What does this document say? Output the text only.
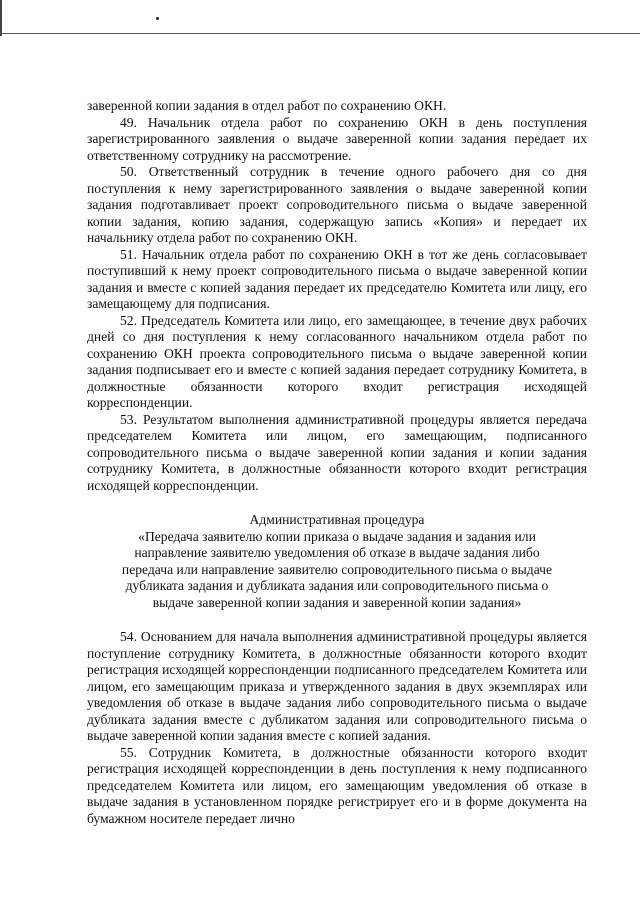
заверенной копии задания в отдел работ по сохранению ОКН.

49. Начальник отдела работ по сохранению ОКН в день поступления зарегистрированного заявления о выдаче заверенной копии задания передает их ответственному сотруднику на рассмотрение.

50. Ответственный сотрудник в течение одного рабочего дня со дня поступления к нему зарегистрированного заявления о выдаче заверенной копии задания подготавливает проект сопроводительного письма о выдаче заверенной копии задания, копию задания, содержащую запись «Копия» и передает их начальнику отдела работ по сохранению ОКН.

51. Начальник отдела работ по сохранению ОКН в тот же день согласовывает поступивший к нему проект сопроводительного письма о выдаче заверенной копии задания и вместе с копией задания передает их председателю Комитета или лицу, его замещающему для подписания.

52. Председатель Комитета или лицо, его замещающее, в течение двух рабочих дней со дня поступления к нему согласованного начальником отдела работ по сохранению ОКН проекта сопроводительного письма о выдаче заверенной копии задания подписывает его и вместе с копией задания передает сотруднику Комитета, в должностные обязанности которого входит регистрация исходящей корреспонденции.

53. Результатом выполнения административной процедуры является передача председателем Комитета или лицом, его замещающим, подписанного сопроводительного письма о выдаче заверенной копии задания и копии задания сотруднику Комитета, в должностные обязанности которого входит регистрация исходящей корреспонденции.

Административная процедура

«Передача заявителю копии приказа о выдаче задания и задания или
направление заявителю уведомления об отказе в выдаче задания либо
передача или направление заявителю сопроводительного письма о выдаче
дубликата задания и дубликата задания или сопроводительного письма о
выдаче заверенной копии задания и заверенной копии задания»

54. Основанием для начала выполнения административной процедуры является поступление сотруднику Комитета, в должностные обязанности которого входит регистрация исходящей корреспонденции подписанного председателем Комитета или лицом, его замещающим приказа и утвержденного задания в двух экземплярах или уведомления об отказе в выдаче задания либо сопроводительного письма о выдаче дубликата задания вместе с дубликатом задания или сопроводительного письма о выдаче заверенной копии задания вместе с копией задания.

55. Сотрудник Комитета, в должностные обязанности которого входит регистрация исходящей корреспонденции в день поступления к нему подписанного председателем Комитета или лицом, его замещающим уведомления об отказе в выдаче задания в установленном порядке регистрирует его и в форме документа на бумажном носителе передает лично
